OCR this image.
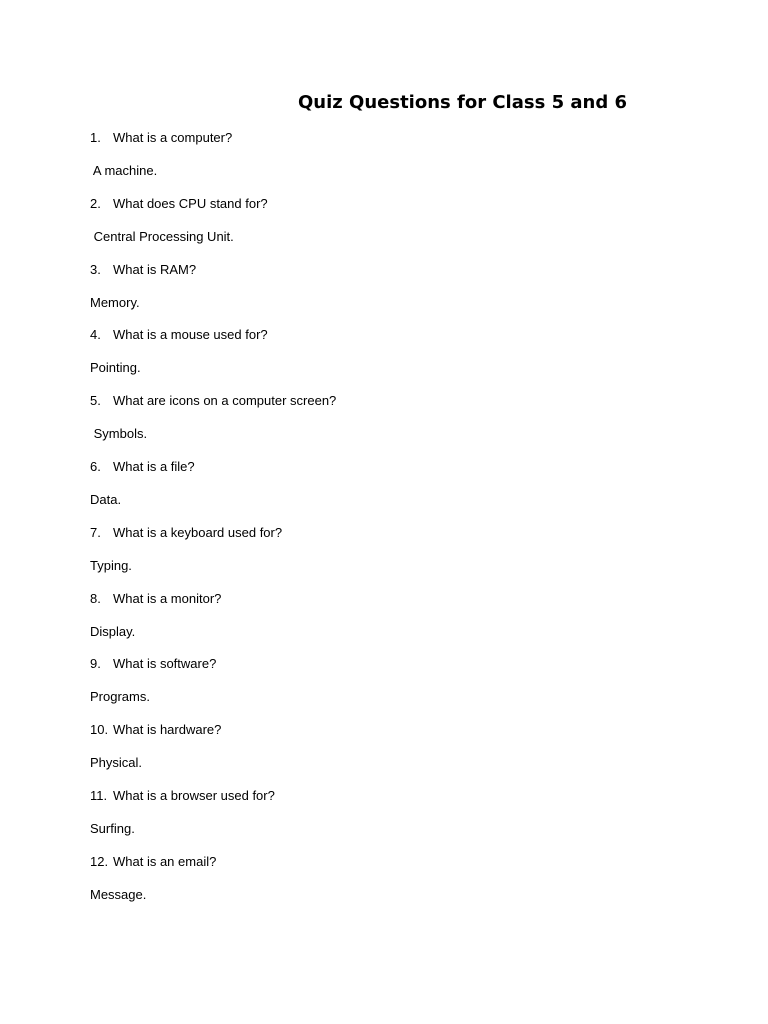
Quiz Questions for Class 5 and 6
1. What is a computer?
A machine.
2. What does CPU stand for?
Central Processing Unit.
3. What is RAM?
Memory.
4. What is a mouse used for?
Pointing.
5. What are icons on a computer screen?
Symbols.
6. What is a file?
Data.
7. What is a keyboard used for?
Typing.
8. What is a monitor?
Display.
9. What is software?
Programs.
10. What is hardware?
Physical.
11. What is a browser used for?
Surfing.
12. What is an email?
Message.
